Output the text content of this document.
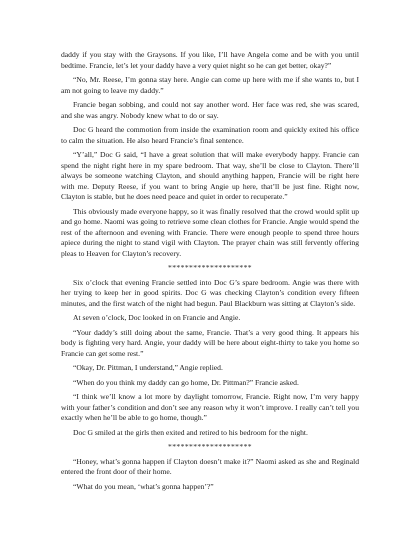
daddy if you stay with the Graysons. If you like, I’ll have Angela come and be with you until bedtime. Francie, let’s let your daddy have a very quiet night so he can get better, okay?”

“No, Mr. Reese, I’m gonna stay here. Angie can come up here with me if she wants to, but I am not going to leave my daddy.”

Francie began sobbing, and could not say another word. Her face was red, she was scared, and she was angry. Nobody knew what to do or say.

Doc G heard the commotion from inside the examination room and quickly exited his office to calm the situation. He also heard Francie’s final sentence.

“Y’all,” Doc G said, “I have a great solution that will make everybody happy. Francie can spend the night right here in my spare bedroom. That way, she’ll be close to Clayton. There’ll always be someone watching Clayton, and should anything happen, Francie will be right here with me. Deputy Reese, if you want to bring Angie up here, that’ll be just fine. Right now, Clayton is stable, but he does need peace and quiet in order to recuperate.”

This obviously made everyone happy, so it was finally resolved that the crowd would split up and go home. Naomi was going to retrieve some clean clothes for Francie. Angie would spend the rest of the afternoon and evening with Francie. There were enough people to spend three hours apiece during the night to stand vigil with Clayton. The prayer chain was still fervently offering pleas to Heaven for Clayton’s recovery.

********************

Six o’clock that evening Francie settled into Doc G’s spare bedroom. Angie was there with her trying to keep her in good spirits. Doc G was checking Clayton’s condition every fifteen minutes, and the first watch of the night had begun. Paul Blackburn was sitting at Clayton’s side.

At seven o’clock, Doc looked in on Francie and Angie.

“Your daddy’s still doing about the same, Francie. That’s a very good thing. It appears his body is fighting very hard. Angie, your daddy will be here about eight-thirty to take you home so Francie can get some rest.”

“Okay, Dr. Pittman, I understand,” Angie replied.

“When do you think my daddy can go home, Dr. Pittman?” Francie asked.

“I think we’ll know a lot more by daylight tomorrow, Francie. Right now, I’m very happy with your father’s condition and don’t see any reason why it won’t improve. I really can’t tell you exactly when he’ll be able to go home, though.”

Doc G smiled at the girls then exited and retired to his bedroom for the night.

********************

“Honey, what’s gonna happen if Clayton doesn’t make it?” Naomi asked as she and Reginald entered the front door of their home.

“What do you mean, ‘what’s gonna happen’?”
